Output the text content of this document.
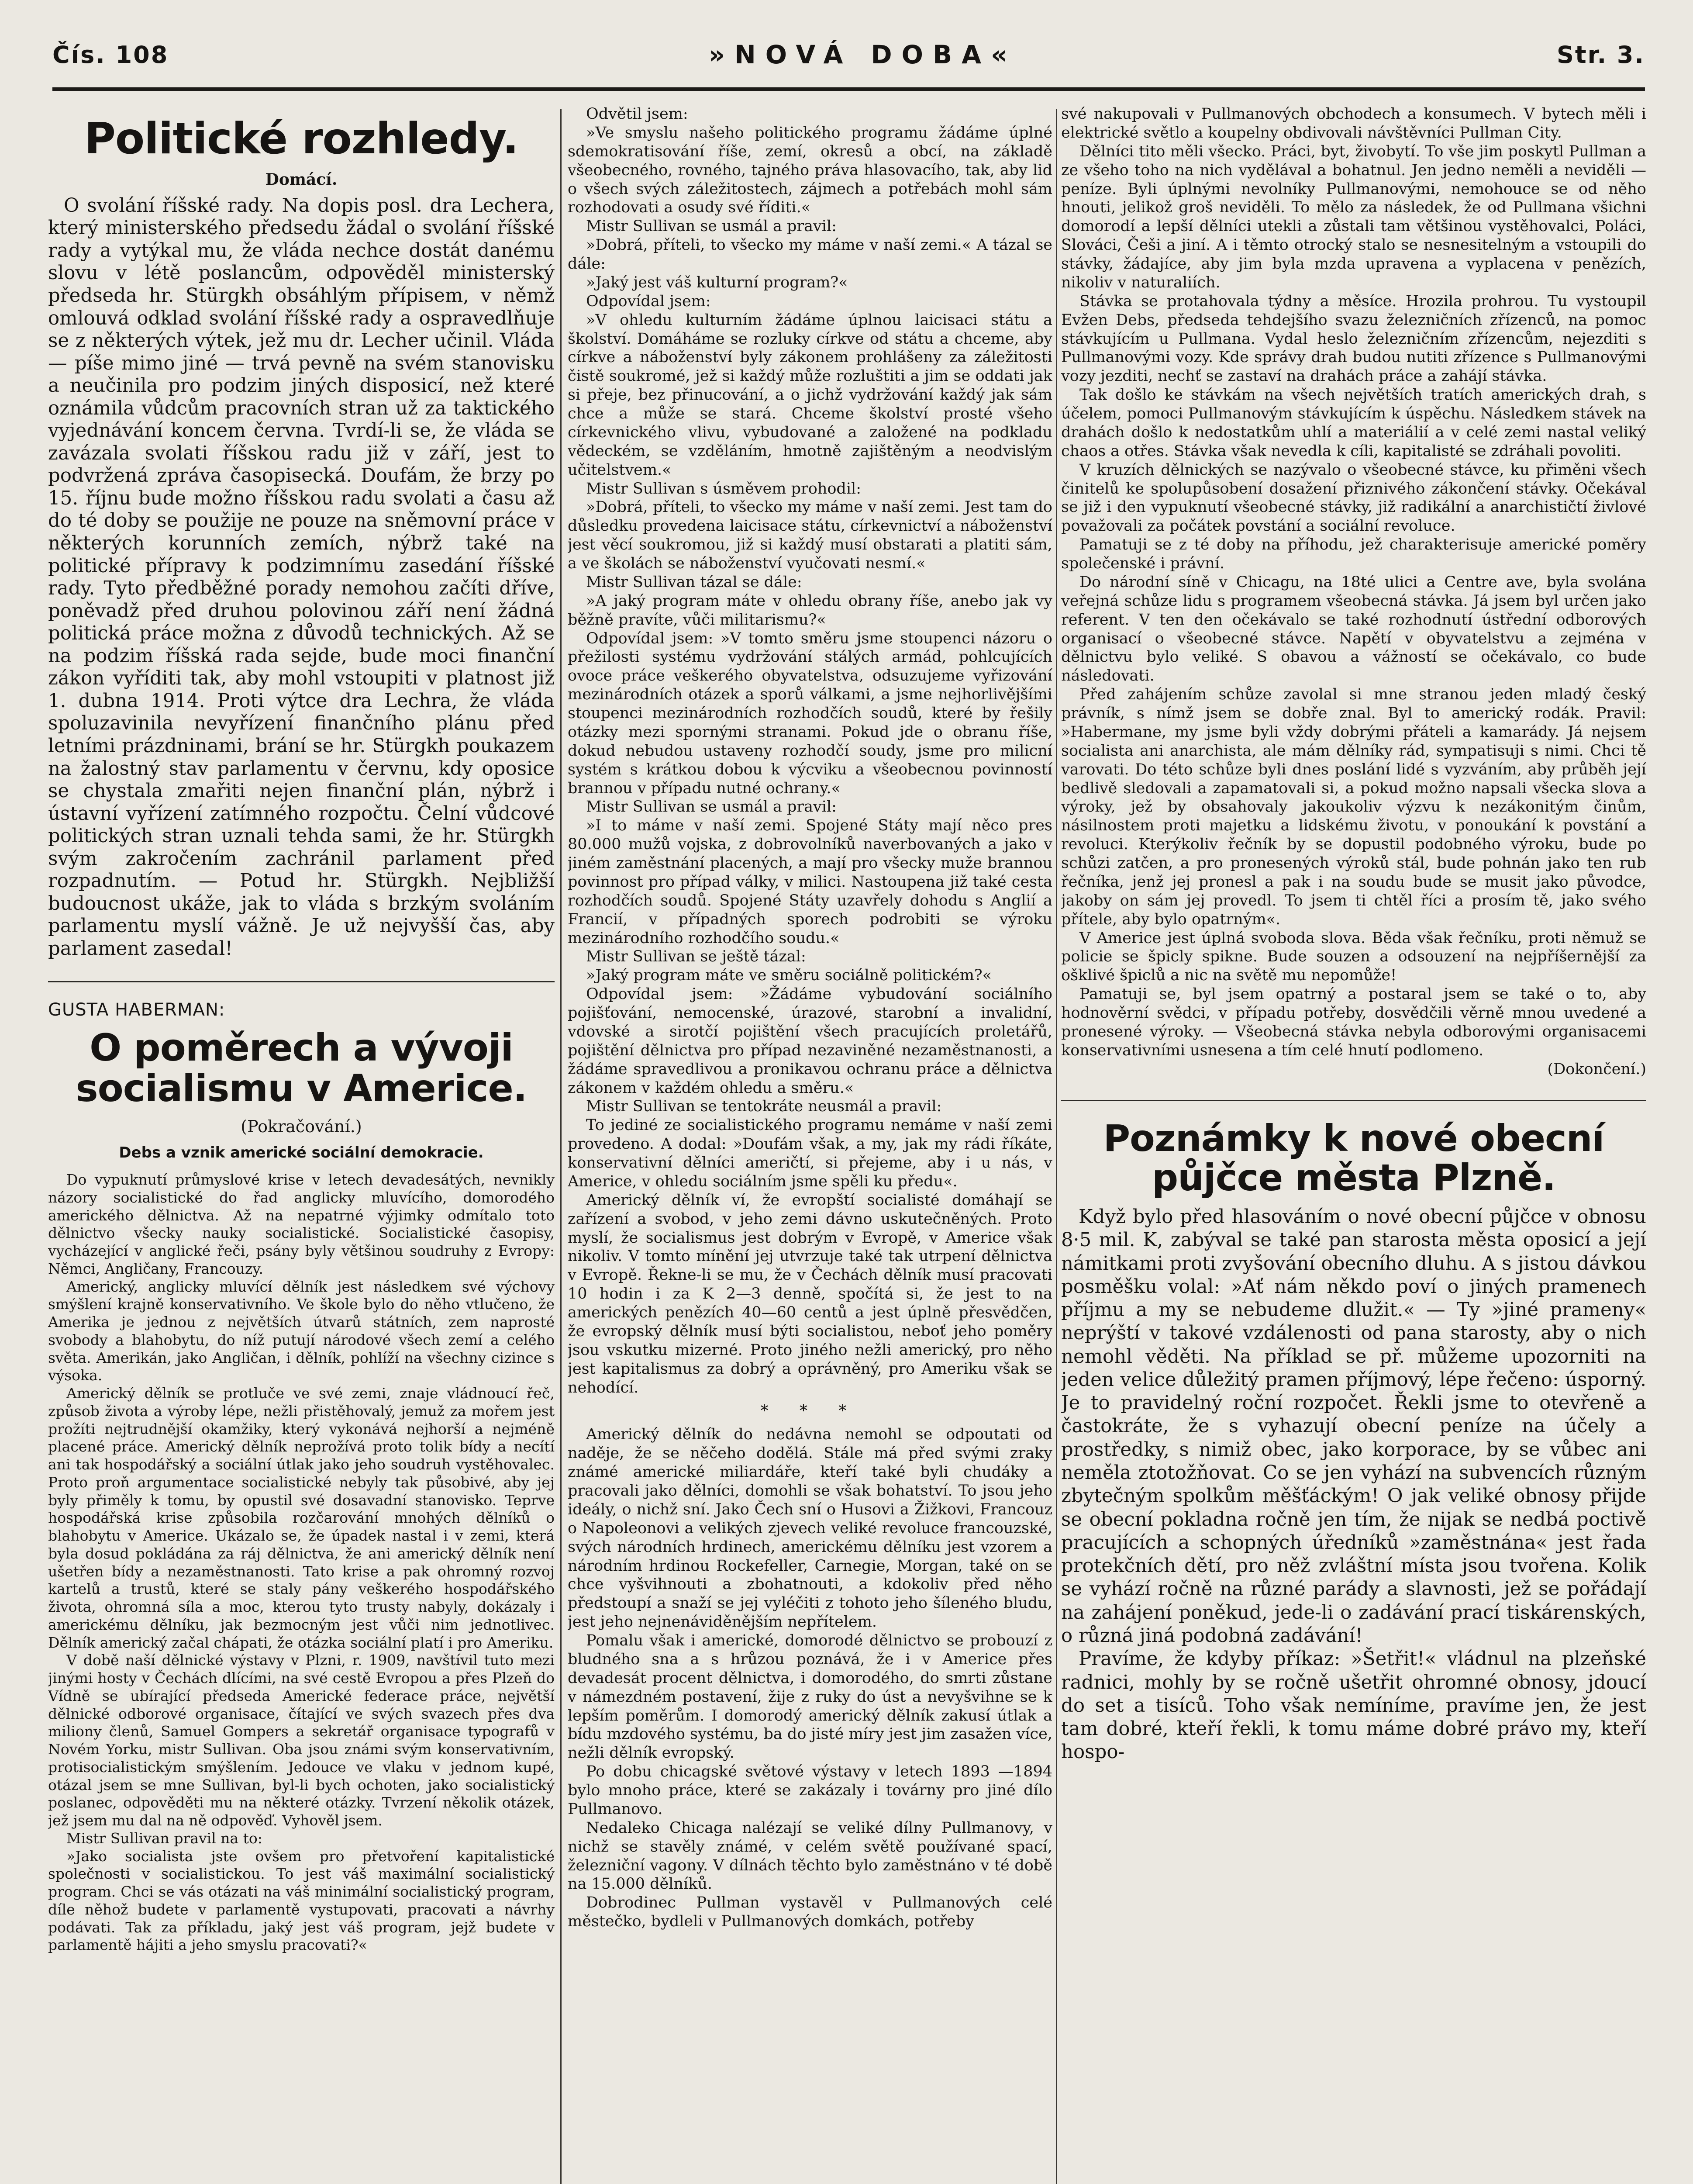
Čís. 108	»NOVÁ DOBA«	Str. 3.
Politické rozhledy.
Domácí.

O svolání říšské rady. Na dopis posl. dra Lechera, který ministerského předsedu žádal o svolání říšské rady a vytýkal mu, že vláda nechce dostát danému slovu v létě poslancům, odpověděl ministerský předseda hr. Stürgkh obsáhlým přípisem, v němž omlouvá odklad svolání říšské rady a ospravedlňuje se z některých výtek, jež mu dr. Lecher učinil. Vláda — píše mimo jiné — trvá pevně na svém stanovisku a neučinila pro podzim jiných disposicí, než které oznámila vůdcům pracovních stran už za taktického vyjednávání koncem června. Tvrdí-li se, že vláda se zavázala svolati říšskou radu již v září, jest to podvržená zpráva časopisecká. Doufám, že brzy po 15. říjnu bude možno říšskou radu svolati a času až do té doby se použije ne pouze na sněmovní práce v některých korunních zemích, nýbrž také na politické přípravy k podzimnímu zasedání říšské rady. Tyto předběžné porady nemohou začíti dříve, poněvadž před druhou polovinou září není žádná politická práce možna z důvodů technických. Až se na podzim říšská rada sejde, bude moci finanční zákon vyříditi tak, aby mohl vstoupiti v platnost již 1. dubna 1914. Proti výtce dra Lechra, že vláda spoluzavinila nevyřízení finančního plánu před letními prázdninami, brání se hr. Stürgkh poukazem na žalostný stav parlamentu v červnu, kdy oposice se chystala zmařiti nejen finanční plán, nýbrž i ústavní vyřízení zatímného rozpočtu. Čelní vůdcové politických stran uznali tehda sami, že hr. Stürgkh svým zakročením zachránil parlament před rozpadnutím. — Potud hr. Stürgkh. Nejbližší budoucnost ukáže, jak to vláda s brzkým svoláním parlamentu myslí vážně. Je už nejvyšší čas, aby parlament zasedal!

GUSTA HABERMAN:
O poměrech a vývoji socialismu v Americe.
(Pokračování.)
Debs a vznik americké sociální demokracie.

Do vypuknutí průmyslové krise v letech devadesátých, nevnikly názory socialistické do řad anglicky mluvícího, domorodého amerického dělnictva. Až na nepatrné výjimky odmítalo toto dělnictvo všecky nauky socialistické. Socialistické časopisy, vycházející v anglické řeči, psány byly většinou soudruhy z Evropy: Němci, Angličany, Francouzy.

Americký, anglicky mluvící dělník jest následkem své výchovy smýšlení krajně konservativního. Ve škole bylo do něho vtlučeno, že Amerika je jednou z největších útvarů státních, zem naprosté svobody a blahobytu, do níž putují národové všech zemí a celého světa. Amerikán, jako Angličan, i dělník, pohlíží na všechny cizince s výsoka.

Americký dělník se protluče ve své zemi, znaje vládnoucí řeč, způsob života a výroby lépe, nežli přistěhovalý, jemuž za mořem jest prožíti nejtrudnější okamžiky, který vykonává nejhorší a nejméně placené práce. Americký dělník neprožívá proto tolik bídy a necítí ani tak hospodářský a sociální útlak jako jeho soudruh vystěhovalec. Proto proň argumentace socialistické nebyly tak působivé, aby jej byly přiměly k tomu, by opustil své dosavadní stanovisko. Teprve hospodářská krise způsobila rozčarování mnohých dělníků o blahobytu v Americe. Ukázalo se, že úpadek nastal i v zemi, která byla dosud pokládána za ráj dělnictva, že ani americký dělník není ušetřen bídy a nezaměstnanosti. Tato krise a pak ohromný rozvoj kartelů a trustů, které se staly pány veškerého hospodářského života, ohromná síla a moc, kterou tyto trusty nabyly, dokázaly i americkému dělníku, jak bezmocným jest vůči nim jednotlivec. Dělník americký začal chápati, že otázka sociální platí i pro Ameriku.

V době naší dělnické výstavy v Plzni, r. 1909, navštívil tuto mezi jinými hosty v Čechách dlícími, na své cestě Evropou a přes Plzeň do Vídně se ubírající předseda Americké federace práce, největší dělnické odborové organisace, čítající ve svých svazech přes dva miliony členů, Samuel Gompers a sekretář organisace typografů v Novém Yorku, mistr Sullivan. Oba jsou známi svým konservativním, protisocialistickým smýšlením. Jedouce ve vlaku v jednom kupé, otázal jsem se mne Sullivan, byl-li bych ochoten, jako socialistický poslanec, odpověděti mu na některé otázky. Tvrzení několik otázek, jež jsem mu dal na ně odpověď. Vyhověl jsem.

Mistr Sullivan pravil na to:

»Jako socialista jste ovšem pro přetvoření kapitalistické společnosti v socialistickou. To jest váš maximální socialistický program. Chci se vás otázati na váš minimální socialistický program, díle něhož budete v parlamentě vystupovati, pracovati a návrhy podávati. Tak za příkladu, jaký jest váš program, jejž budete v parlamentě hájiti a jeho smyslu pracovati?«

Odvětil jsem:

»Ve smyslu našeho politického programu žádáme úplné sdemokratisování říše, zemí, okresů a obcí, na základě všeobecného, rovného, tajného práva hlasovacího, tak, aby lid o všech svých záležitostech, zájmech a potřebách mohl sám rozhodovati a osudy své říditi.«

Mistr Sullivan se usmál a pravil:

»Dobrá, příteli, to všecko my máme v naší zemi.« A tázal se dále:

»Jaký jest váš kulturní program?«

Odpovídal jsem:

»V ohledu kulturním žádáme úplnou laicisaci státu a školství. Domáháme se rozluky církve od státu a chceme, aby církve a náboženství byly zákonem prohlášeny za záležitosti čistě soukromé, jež si každý může rozluštiti a jim se oddati jak si přeje, bez přinucování, a o jichž vydržování každý jak sám chce a může se stará. Chceme školství prosté všeho církevnického vlivu, vybudované a založené na podkladu vědeckém, se vzděláním, hmotně zajištěným a neodvislým učitelstvem.«

Mistr Sullivan s úsměvem prohodil:

»Dobrá, příteli, to všecko my máme v naší zemi. Jest tam do důsledku provedena laicisace státu, církevnictví a náboženství jest věcí soukromou, již si každý musí obstarati a platiti sám, a ve školách se náboženství vyučovati nesmí.«

Mistr Sullivan tázal se dále:

»A jaký program máte v ohledu obrany říše, anebo jak vy běžně pravíte, vůči militarismu?«

Odpovídal jsem: »V tomto směru jsme stoupenci názoru o přežilosti systému vydržování stálých armád, pohlcujících ovoce práce veškerého obyvatelstva, odsuzujeme vyřizování mezinárodních otázek a sporů válkami, a jsme nejhorlivějšími stoupenci mezinárodních rozhodčích soudů, které by řešily otázky mezi spornými stranami. Pokud jde o obranu říše, dokud nebudou ustaveny rozhodčí soudy, jsme pro milicní systém s krátkou dobou k výcviku a všeobecnou povinností brannou v případu nutné ochrany.«

Mistr Sullivan se usmál a pravil:

»I to máme v naší zemi. Spojené Státy mají něco pres 80.000 mužů vojska, z dobrovolníků naverbovaných a jako v jiném zaměstnání placených, a mají pro všecky muže brannou povinnost pro případ války, v milici. Nastoupena již také cesta rozhodčích soudů. Spojené Státy uzavřely dohodu s Anglií a Francií, v případných sporech podrobiti se výroku mezinárodního rozhodčího soudu.«

Mistr Sullivan se ještě tázal:

»Jaký program máte ve směru sociálně politickém?«

Odpovídal jsem: »Žádáme vybudování sociálního pojišťování, nemocenské, úrazové, starobní a invalidní, vdovské a sirotčí pojištění všech pracujících proletářů, pojištění dělnictva pro případ nezaviněné nezaměstnanosti, a žádáme spravedlivou a pronikavou ochranu práce a dělnictva zákonem v každém ohledu a směru.«

Mistr Sullivan se tentokráte neusmál a pravil:

To jediné ze socialistického programu nemáme v naší zemi provedeno. A dodal: »Doufám však, a my, jak my rádi říkáte, konservativní dělníci američtí, si přejeme, aby i u nás, v Americe, v ohledu sociálním jsme spěli ku předu«.

Americký dělník ví, že evropští socialisté domáhají se zařízení a svobod, v jeho zemi dávno uskutečněných. Proto myslí, že socialismus jest dobrým v Evropě, v Americe však nikoliv. V tomto mínění jej utvrzuje také tak utrpení dělnictva v Evropě. Řekne-li se mu, že v Čechách dělník musí pracovati 10 hodin i za K 2—3 denně, spočítá si, že jest to na amerických penězích 40—60 centů a jest úplně přesvědčen, že evropský dělník musí býti socialistou, neboť jeho poměry jsou vskutku mizerné. Proto jiného nežli americký, pro něho jest kapitalismus za dobrý a oprávněný, pro Ameriku však se nehodící.

* * *

Americký dělník do nedávna nemohl se odpoutati od naděje, že se něčeho dodělá. Stále má před svými zraky známé americké miliardáře, kteří také byli chudáky a pracovali jako dělníci, domohli se však bohatství. To jsou jeho ideály, o nichž sní. Jako Čech sní o Husovi a Žižkovi, Francouz o Napoleonovi a velikých zjevech veliké revoluce francouzské, svých národních hrdinech, americkému dělníku jest vzorem a národním hrdinou Rockefeller, Carnegie, Morgan, také on se chce vyšvihnouti a zbohatnouti, a kdokoliv před něho předstoupí a snaží se jej vyléčiti z tohoto jeho šíleného bludu, jest jeho nejnenáviděnějším nepřítelem.

Pomalu však i americké, domorodé dělnictvo se probouzí z bludného sna a s hrůzou poznává, že i v Americe přes devadesát procent dělnictva, i domorodého, do smrti zůstane v námezdném postavení, žije z ruky do úst a nevyšvihne se k lepším poměrům. I domorodý americký dělník zakusí útlak a bídu mzdového systému, ba do jisté míry jest jim zasažen více, nežli dělník evropský.

Po dobu chicagské světové výstavy v letech 1893 —1894 bylo mnoho práce, které se zakázaly i továrny pro jiné dílo Pullmanovo.

Nedaleko Chicaga nalézají se veliké dílny Pullmanovy, v nichž se stavěly známé, v celém světě používané spací, železniční vagony. V dílnách těchto bylo zaměstnáno v té době na 15.000 dělníků.

Dobrodinec Pullman vystavěl v Pullmanových celé městečko, bydleli v Pullmanových domkách, potřeby

své nakupovali v Pullmanových obchodech a konsumech. V bytech měli i elektrické světlo a koupelny obdivovali návštěvníci Pullman City.

Dělníci tito měli všecko. Práci, byt, živobytí. To vše jim poskytl Pullman a ze všeho toho na nich vydělával a bohatnul. Jen jedno neměli a neviděli — peníze. Byli úplnými nevolníky Pullmanovými, nemohouce se od něho hnouti, jelikož groš neviděli. To mělo za následek, že od Pullmana všichni domorodí a lepší dělníci utekli a zůstali tam většinou vystěhovalci, Poláci, Slováci, Češi a jiní. A i těmto otrocký stalo se nesnesitelným a vstoupili do stávky, žádajíce, aby jim byla mzda upravena a vyplacena v penězích, nikoliv v naturaliích.

Stávka se protahovala týdny a měsíce. Hrozila prohrou. Tu vystoupil Evžen Debs, předseda tehdejšího svazu železničních zřízenců, na pomoc stávkujícím u Pullmana. Vydal heslo železničním zřízencům, nejezditi s Pullmanovými vozy. Kde správy drah budou nutiti zřízence s Pullmanovými vozy jezditi, nechť se zastaví na drahách práce a zahájí stávka.

Tak došlo ke stávkám na všech největších tratích amerických drah, s účelem, pomoci Pullmanovým stávkujícím k úspěchu. Následkem stávek na drahách došlo k nedostatkům uhlí a materiálií a v celé zemi nastal veliký chaos a otřes. Stávka však nevedla k cíli, kapitalisté se zdráhali povoliti.

V kruzích dělnických se nazývalo o všeobecné stávce, ku přiměni všech činitelů ke spolupůsobení dosažení přiznivého zákončení stávky. Očekával se již i den vypuknutí všeobecné stávky, již radikální a anarchističtí živlové považovali za počátek povstání a sociální revoluce.

Pamatuji se z té doby na příhodu, jež charakterisuje americké poměry společenské i právní.

Do národní síně v Chicagu, na 18té ulici a Centre ave, byla svolána veřejná schůze lidu s programem všeobecná stávka. Já jsem byl určen jako referent. V ten den očekávalo se také rozhodnutí ústřední odborových organisací o všeobecné stávce. Napětí v obyvatelstvu a zejména v dělnictvu bylo veliké. S obavou a vážností se očekávalo, co bude následovati.

Před zahájením schůze zavolal si mne stranou jeden mladý český právník, s nímž jsem se dobře znal. Byl to americký rodák. Pravil: »Habermane, my jsme byli vždy dobrými přáteli a kamarády. Já nejsem socialista ani anarchista, ale mám dělníky rád, sympatisuji s nimi. Chci tě varovati. Do této schůze byli dnes poslání lidé s vyzváním, aby průběh její bedlivě sledovali a zapamatovali si, a pokud možno napsali všecka slova a výroky, jež by obsahovaly jakoukoliv výzvu k nezákonitým činům, násilnostem proti majetku a lidskému životu, v ponoukání k povstání a revoluci. Kterýkoliv řečník by se dopustil podobného výroku, bude po schůzi zatčen, a pro pronesených výroků stál, bude pohnán jako ten rub řečníka, jenž jej pronesl a pak i na soudu bude se musit jako původce, jakoby on sám jej provedl. To jsem ti chtěl říci a prosím tě, jako svého přítele, aby bylo opatrným«.

V Americe jest úplná svoboda slova. Běda však řečníku, proti němuž se policie se špicly spikne. Bude souzen a odsouzení na nejpříšernější za ošklivé špiclů a nic na světě mu nepomůže!

Pamatuji se, byl jsem opatrný a postaral jsem se také o to, aby hodnověrní svědci, v případu potřeby, dosvědčili věrně mnou uvedené a pronesené výroky. — Všeobecná stávka nebyla odborovými organisacemi konservativními usnesena a tím celé hnutí podlomeno.

(Dokončení.)

Poznámky k nové obecní půjčce města Plzně.

Když bylo před hlasováním o nové obecní půjčce v obnosu 8·5 mil. K, zabýval se také pan starosta města oposicí a její námitkami proti zvyšování obecního dluhu. A s jistou dávkou posměšku volal: »Ať nám někdo poví o jiných pramenech příjmu a my se nebudeme dlužit.« — Ty »jiné prameny« neprýští v takové vzdálenosti od pana starosty, aby o nich nemohl věděti. Na příklad se př. můžeme upozorniti na jeden velice důležitý pramen příjmový, lépe řečeno: úsporný. Je to pravidelný roční rozpočet. Řekli jsme to otevřeně a častokráte, že s vyhazují obecní peníze na účely a prostředky, s nimiž obec, jako korporace, by se vůbec ani neměla ztotožňovat. Co se jen vyhází na subvencích různým zbytečným spolkům měšťáckým! O jak veliké obnosy přijde se obecní pokladna ročně jen tím, že nijak se nedbá poctivě pracujících a schopných úředníků »zaměstnána« jest řada protekčních dětí, pro něž zvláštní místa jsou tvořena. Kolik se vyhází ročně na různé parády a slavnosti, jež se pořádají na zahájení poněkud, jede-li o zadávání prací tiskárenských, o různá jiná podobná zadávání!

Pravíme, že kdyby příkaz: »Šetřit!« vládnul na plzeňské radnici, mohly by se ročně ušetřit ohromné obnosy, jdoucí do set a tisíců. Toho však nemíníme, pravíme jen, že jest tam dobré, kteří řekli, k tomu máme dobré právo my, kteří hospo-
